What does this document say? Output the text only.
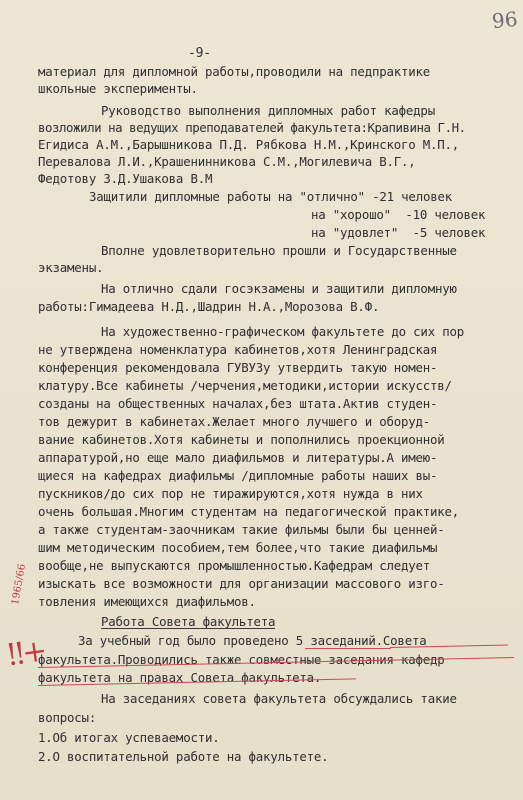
96
-9-
материал для дипломной работы,проводили на педпрактике
школьные эксперименты.
Руководство выполнения дипломных работ кафедры
возложили на ведущих преподавателей факультета:Крапивина Г.Н.
Егидиса А.М.,Барышникова П.Д. Рябкова Н.М.,Кринского М.П.,
Перевалова Л.И.,Крашенинникова С.М.,Могилевича В.Г.,
Федотову З.Д.Ушакова В.М
Защитили дипломные работы на "отлично" -21 человек
на "хорошо"  -10 человек
на "удовлет"  -5 человек
Вполне удовлетворительно прошли и Государственные
экзамены.
На отлично сдали госэкзамены и защитили дипломную
работы:Гимадеева Н.Д.,Шадрин Н.А.,Морозова В.Ф.
На художественно-графическом факультете до сих пор
не утверждена номенклатура кабинетов,хотя Ленинградская
конференция рекомендовала ГУВУЗу утвердить такую номен-
клатуру.Все кабинеты /черчения,методики,истории искусств/
созданы на общественных началах,без штата.Актив студен-
тов дежурит в кабинетах.Желает много лучшего и оборуд-
вание кабинетов.Хотя кабинеты и пополнились проекционной
аппаратурой,но еще мало диафильмов и литературы.А имею-
щиеся на кафедрах диафильмы /дипломные работы наших вы-
пускников/до сих пор не тиражируются,хотя нужда в них
очень большая.Многим студентам на педагогической практике,
а также студентам-заочникам такие фильмы были бы ценней-
шим методическим пособием,тем более,что такие диафильмы
вообще,не выпускаются промышленностью.Кафедрам следует
изыскать все возможности для организации массового изго-
товления имеющихся диафильмов.
Работа Совета факультета
За учебный год было проведено 5 заседаний.Совета
факультета.Проводились также совместные заседания кафедр
факультета на правах Совета факультета.
На заседаниях совета факультета обсуждались такие
вопросы:
1.Об итогах успеваемости.
2.О воспитательной работе на факультете.
1965/66
!!+
